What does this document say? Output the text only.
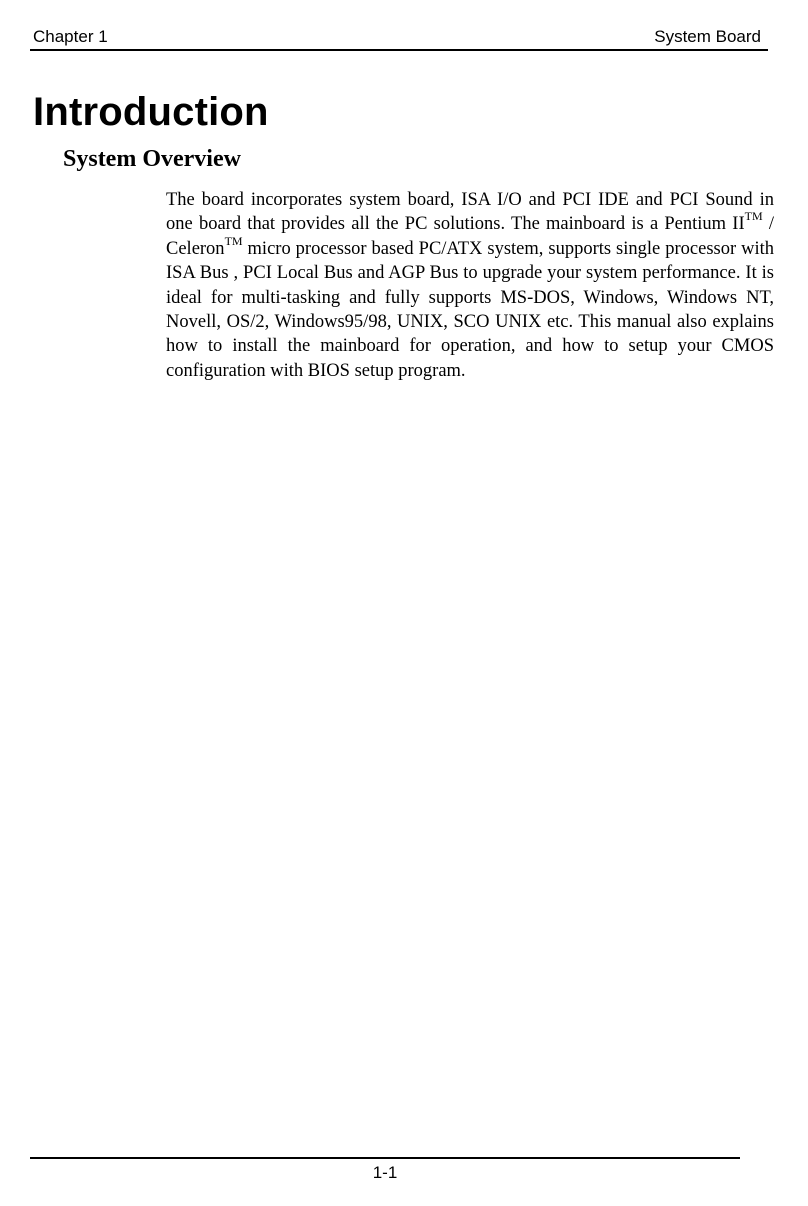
Chapter 1	System Board
Introduction
System Overview

The board incorporates system board, ISA I/O and PCI IDE and PCI Sound in one board that provides all the PC solutions. The mainboard is a Pentium II™ / Celeron™ micro processor based PC/ATX system, supports single processor with ISA Bus , PCI Local Bus and AGP Bus to upgrade your system performance. It is ideal for multi-tasking and fully supports MS-DOS, Windows, Windows NT, Novell, OS/2, Windows95/98, UNIX, SCO UNIX etc. This manual also explains how to install the mainboard for operation, and how to setup your CMOS configuration with BIOS setup program.

1-1
